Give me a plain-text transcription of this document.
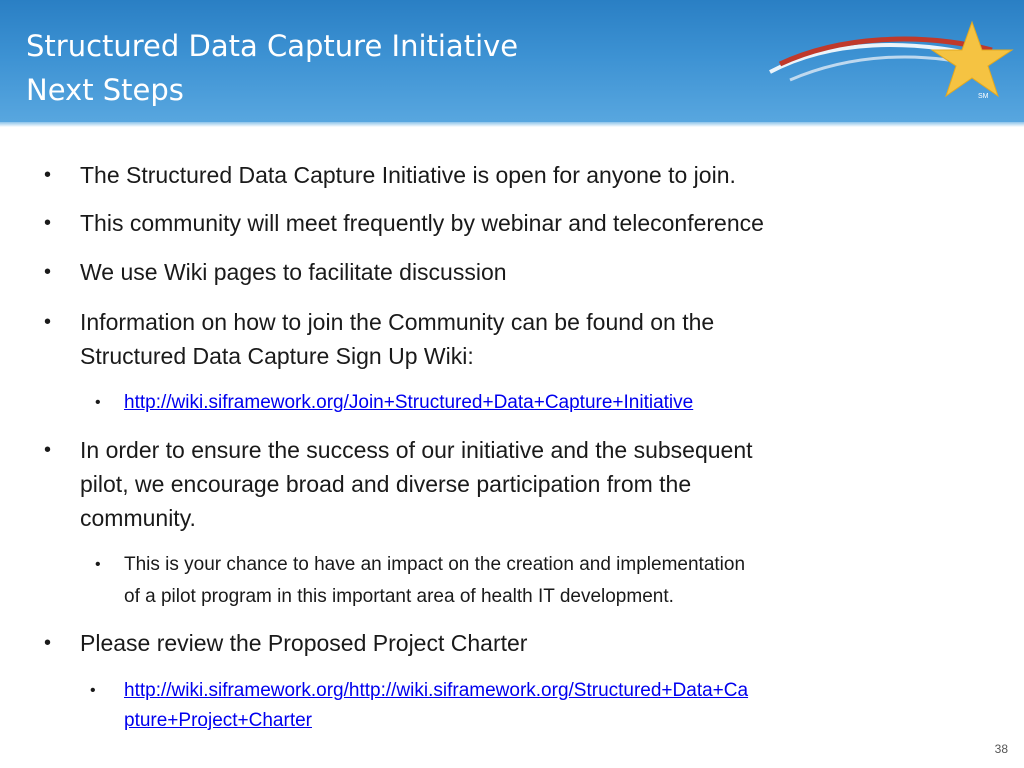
Structured Data Capture Initiative
Next Steps	SM
• The Structured Data Capture Initiative is open for anyone to join.

• This community will meet frequently by webinar and teleconference

• We use Wiki pages to facilitate discussion

• Information on how to join the Community can be found on the

Structured Data Capture Sign Up Wiki:

• http://wiki.siframework.org/Join+Structured+Data+Capture+Initiative

• In order to ensure the success of our initiative and the subsequent

pilot, we encourage broad and diverse participation from the

community.

• This is your chance to have an impact on the creation and implementation

of a pilot program in this important area of health IT development.

• Please review the Proposed Project Charter

• http://wiki.siframework.org/http://wiki.siframework.org/Structured+Data+Ca

pture+Project+Charter

38
